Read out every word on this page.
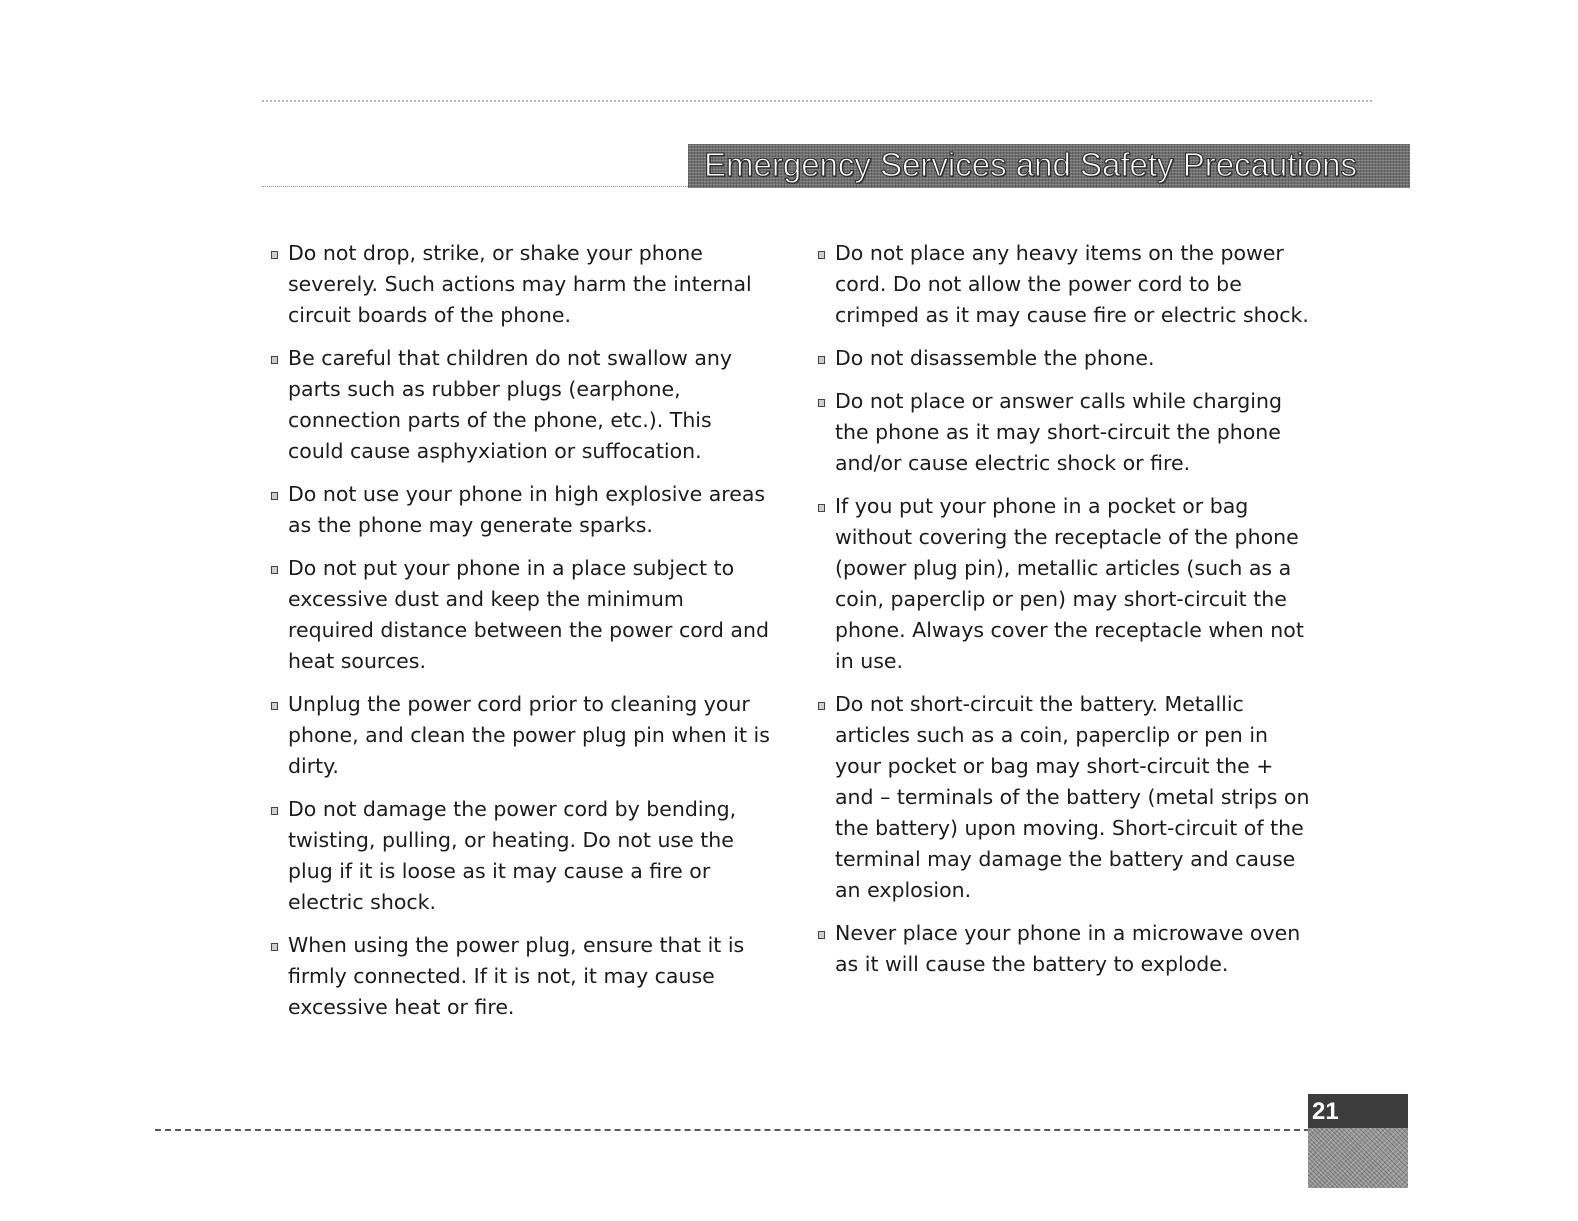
Emergency Services and Safety Precautions
Do not drop, strike, or shake your phone severely. Such actions may harm the internal circuit boards of the phone.
Be careful that children do not swallow any parts such as rubber plugs (earphone, connection parts of the phone, etc.). This could cause asphyxiation or suffocation.
Do not use your phone in high explosive areas as the phone may generate sparks.
Do not put your phone in a place subject to excessive dust and keep the minimum required distance between the power cord and heat sources.
Unplug the power cord prior to cleaning your phone, and clean the power plug pin when it is dirty.
Do not damage the power cord by bending, twisting, pulling, or heating. Do not use the plug if it is loose as it may cause a fire or electric shock.
When using the power plug, ensure that it is firmly connected. If it is not, it may cause excessive heat or fire.
Do not place any heavy items on the power cord. Do not allow the power cord to be crimped as it may cause fire or electric shock.
Do not disassemble the phone.
Do not place or answer calls while charging the phone as it may short-circuit the phone and/or cause electric shock or fire.
If you put your phone in a pocket or bag without covering the receptacle of the phone (power plug pin), metallic articles (such as a coin, paperclip or pen) may short-circuit the phone. Always cover the receptacle when not in use.
Do not short-circuit the battery. Metallic articles such as a coin, paperclip or pen in your pocket or bag may short-circuit the + and – terminals of the battery (metal strips on the battery) upon moving. Short-circuit of the terminal may damage the battery and cause an explosion.
Never place your phone in a microwave oven as it will cause the battery to explode.
21
